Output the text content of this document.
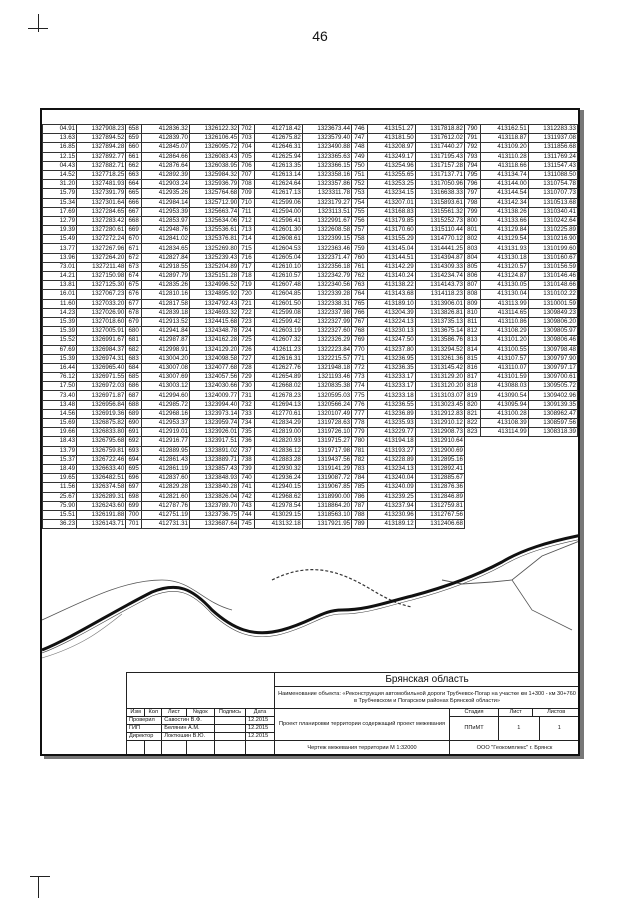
46
04.91	1327908.23	658	412836.32	1326122.32	702	412718.42	1323673.44	746	413151.27	1317818.82	790	413162.51	1312283.33
13.63	1327894.52	659	412839.70	1326106.45	703	412675.82	1323579.40	747	413181.50	1317612.02	791	413118.87	1311937.08
16.85	1327894.28	660	412845.07	1326095.72	704	412646.31	1323490.88	748	413208.97	1317440.27	792	413109.20	1311856.68
12.15	1327892.77	661	412864.66	1326083.43	705	412625.94	1323365.63	749	413249.17	1317195.43	793	413110.28	1311769.24
04.43	1327882.71	662	412876.64	1326038.95	706	412613.35	1323366.15	750	413254.96	1317157.28	794	413118.66	1311547.43
14.52	1327718.25	663	412892.39	1325984.32	707	412613.14	1323358.16	751	413255.65	1317137.71	795	413134.74	1311088.50
31.20	1327481.93	664	412903.24	1325936.79	708	412624.64	1323357.86	752	413253.25	1317050.96	796	413144.00	1310754.78
15.79	1327391.79	665	412935.26	1325764.68	709	412617.13	1323311.78	753	413234.15	1316638.33	797	413144.54	1310707.73
15.34	1327301.64	666	412984.14	1325712.90	710	412599.06	1323179.27	754	413207.01	1315893.61	798	413142.34	1310513.68
17.69	1327284.65	667	412953.39	1325663.74	711	412594.00	1323113.51	755	413168.83	1315561.32	799	413138.26	1310340.41
12.79	1327283.42	668	412853.97	1325634.06	712	412596.41	1322991.67	756	413179.85	1315252.73	800	413133.66	1310242.64
19.39	1327280.61	669	412948.76	1325536.61	713	412601.30	1322608.58	757	413170.60	1315110.44	801	413129.84	1310225.89
15.49	1327272.24	670	412841.02	1325376.81	714	412608.61	1322399.15	758	413155.29	1314770.12	802	413129.54	1310216.90
13.77	1327267.96	671	412834.65	1325269.80	715	412604.53	1322363.46	759	413145.04	1314441.25	803	413131.93	1310199.60
13.96	1327264.20	672	412827.84	1325239.43	716	412605.04	1322371.47	760	413144.51	1314394.87	804	413130.18	1310160.67
73.01	1327211.48	673	412918.55	1325204.89	717	412610.10	1322356.18	761	413142.29	1314309.33	805	413120.57	1310156.59
14.21	1327150.98	674	412897.79	1325151.28	718	412610.57	1322342.79	762	413140.24	1314234.74	806	413124.87	1310146.46
13.81	1327125.30	675	412835.26	1324996.52	719	412607.48	1322340.56	763	413138.22	1314143.73	807	413130.05	1310148.66
16.01	1327067.23	676	412810.16	1324895.92	720	412604.85	1322339.28	764	413143.68	1314118.23	808	413130.04	1310102.22
11.60	1327033.20	677	412817.58	1324792.43	721	412601.50	1322338.31	765	413189.10	1313906.01	809	413113.99	1310001.59
14.23	1327026.90	678	412839.18	1324693.32	722	412599.08	1322337.98	766	413204.39	1313826.81	810	413114.65	1309849.23
15.39	1327018.60	679	412913.52	1324415.68	723	412599.42	1322327.99	767	413224.13	1313735.13	811	413110.86	1309806.20
15.39	1327005.91	680	412941.84	1324348.78	724	412603.19	1322327.60	768	413230.13	1313675.14	812	413108.29	1309805.97
15.52	1326991.67	681	412987.87	1324162.28	725	412607.32	1322326.29	769	413247.50	1313586.76	813	413101.20	1309806.46
67.69	1326984.37	682	412998.91	1324129.20	726	412611.23	1322223.84	770	413237.80	1313294.52	814	413100.55	1309798.48
15.39	1326974.31	683	413004.20	1324098.58	727	412616.31	1322215.57	771	413236.95	1313261.36	815	413107.57	1309797.90
16.44	1326965.40	684	413007.08	1324077.68	728	412627.76	1321948.18	772	413236.35	1313145.42	816	413110.07	1309797.17
76.12	1326971.55	685	413007.69	1324057.56	729	412654.89	1321193.46	773	413233.17	1313129.20	817	413101.59	1309700.61
17.50	1326972.03	686	413003.12	1324030.66	730	412668.02	1320835.38	774	413233.17	1313120.20	818	413088.03	1309505.72
73.40	1326971.87	687	412994.60	1324009.77	731	412678.23	1320595.03	775	413233.18	1313103.07	819	413090.54	1309402.96
13.48	1326956.84	688	412985.72	1323994.40	732	412694.13	1320566.24	776	413236.55	1313023.45	820	413095.94	1309139.35
14.56	1326919.36	689	412968.16	1323973.14	733	412770.61	1320107.49	777	413236.89	1312912.83	821	413100.28	1308962.47
15.69	1326875.82	690	412953.37	1323959.74	734	412834.29	1319728.63	778	413235.93	1312910.12	822	413108.39	1308597.56
19.66	1326833.80	691	412919.01	1323926.01	735	412819.00	1319726.10	779	413229.77	1312908.73	823	413114.99	1308318.39
18.43	1326795.68	692	412916.77	1323917.51	736	412820.93	1319715.27	780	413194.18	1312910.64			
13.79	1326759.81	693	412889.95	1323891.02	737	412836.12	1319717.98	781	413193.27	1312900.69			
15.37	1326722.46	694	412861.43	1323889.71	738	412883.28	1319437.56	782	413228.89	1312895.16			
18.49	1326633.40	695	412861.19	1323857.43	739	412930.32	1319141.29	783	413234.13	1312892.41			
19.65	1326482.51	696	412837.60	1323848.93	740	412936.24	1319087.72	784	413240.04	1312885.67			
11.56	1326374.58	697	412829.28	1323840.28	741	412940.15	1319067.85	785	413240.09	1312876.36			
25.67	1326289.31	698	412821.60	1323826.04	742	412968.62	1318990.00	786	413239.25	1312846.89			
75.90	1326243.60	699	412787.76	1323789.70	743	412978.54	1318864.20	787	413237.94	1312759.81			
15.51	1326191.88	700	412751.19	1323736.75	744	413029.15	1318563.10	788	413230.96	1312767.56			
36.23	1326143.71	701	412731.31	1323687.64	745	413132.18	1317921.95	789	413189.12	1312406.68			
	Брянская область
Наименование объекта: «Реконструкция автомобильной дороги Трубчевск-Погар на участке км 1+300 - км 30+760 в Трубчевском и Погарском районах Брянской области»
Изм	Кол	Лист	№док	Подпись	Дата	Проект планировки территории содержащий проект межевания	Стадия		Лист	Листов

Проверил	Савостин В.Ф.		12.2015	ППиМТ		1	1

ГИП	Белянин А.М.		12.2015
Директор	Локтюшин В.Ю.		12.2015
						Чертеж межевания территории М 1:32000	ООО "Геокомплекс" г. Брянск
